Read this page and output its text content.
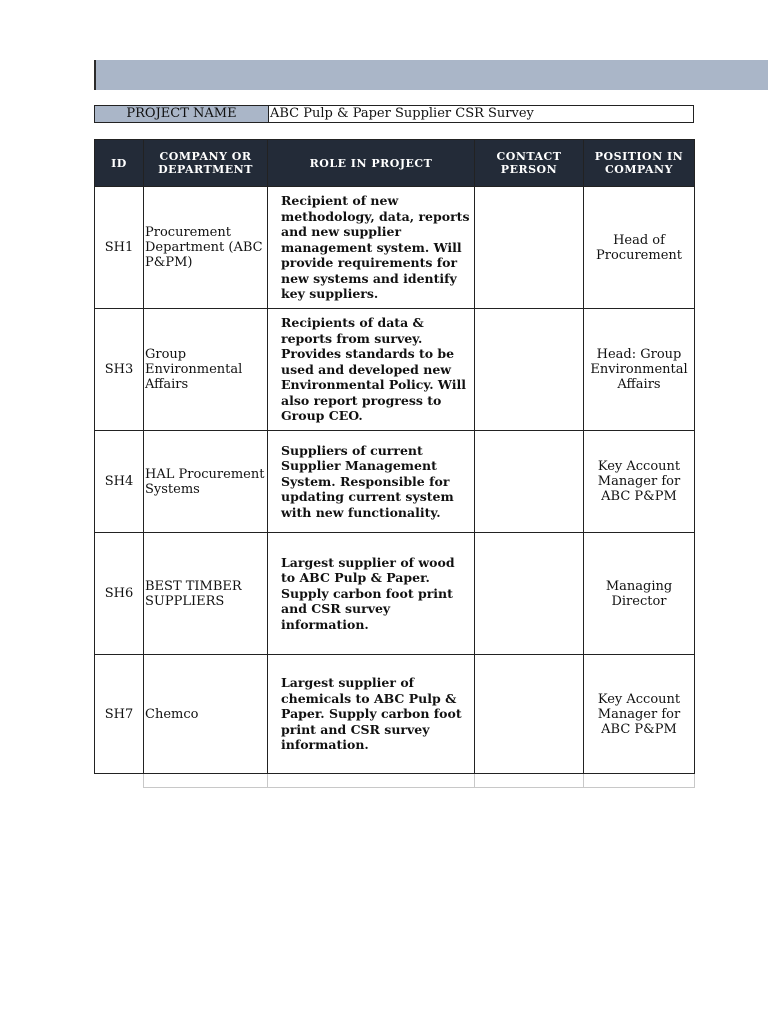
PROJECT NAME	ABC Pulp & Paper Supplier CSR Survey
ID	COMPANY OR DEPARTMENT	ROLE IN PROJECT	CONTACT PERSON	POSITION IN COMPANY
SH1	Procurement Department (ABC P&PM)	Recipient of new methodology, data, reports and new supplier management system. Will provide requirements for new systems and identify key suppliers.		Head of Procurement
SH3	Group Environmental Affairs	Recipients of data & reports from survey. Provides standards to be used and developed new Environmental Policy. Will also report progress to Group CEO.		Head: Group Environmental Affairs
SH4	HAL Procurement Systems	Suppliers of current Supplier Management System. Responsible for updating current system with new functionality.		Key Account Manager for ABC P&PM
SH6	BEST TIMBER SUPPLIERS	Largest supplier of wood to ABC Pulp & Paper. Supply carbon foot print and CSR survey information.		Managing Director
SH7	Chemco	Largest supplier of chemicals to ABC Pulp & Paper. Supply carbon foot print and CSR survey information.		Key Account Manager for ABC P&PM
